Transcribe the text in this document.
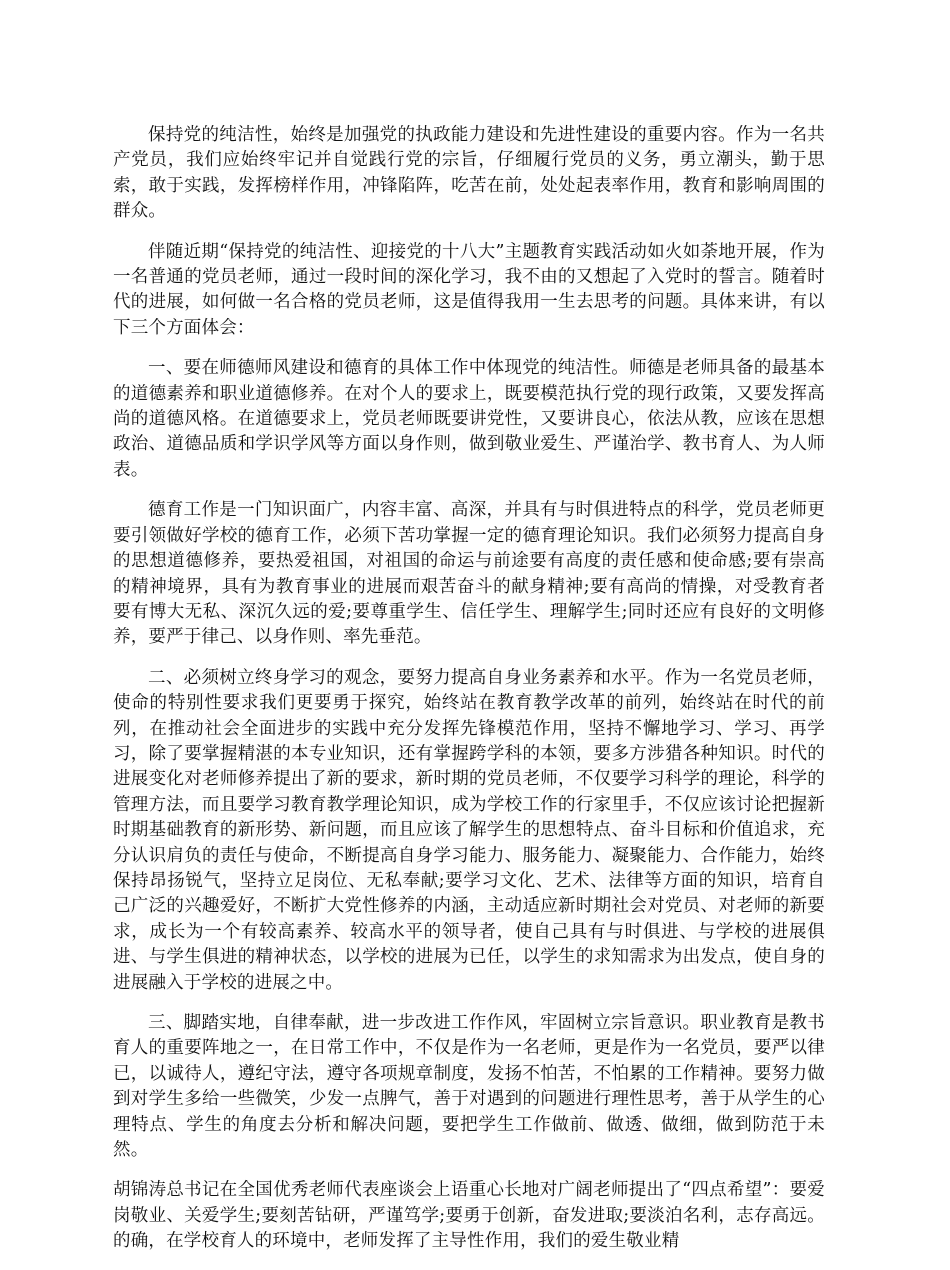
保持党的纯洁性，始终是加强党的执政能力建设和先进性建设的重要内容。作为一名共产党员，我们应始终牢记并自觉践行党的宗旨，仔细履行党员的义务，勇立潮头，勤于思索，敢于实践，发挥榜样作用，冲锋陷阵，吃苦在前，处处起表率作用，教育和影响周围的群众。

伴随近期“保持党的纯洁性、迎接党的十八大”主题教育实践活动如火如荼地开展，作为一名普通的党员老师，通过一段时间的深化学习，我不由的又想起了入党时的誓言。随着时代的进展，如何做一名合格的党员老师，这是值得我用一生去思考的问题。具体来讲，有以下三个方面体会：

一、要在师德师风建设和德育的具体工作中体现党的纯洁性。师德是老师具备的最基本的道德素养和职业道德修养。在对个人的要求上，既要模范执行党的现行政策，又要发挥高尚的道德风格。在道德要求上，党员老师既要讲党性，又要讲良心，依法从教，应该在思想政治、道德品质和学识学风等方面以身作则，做到敬业爱生、严谨治学、教书育人、为人师表。

德育工作是一门知识面广，内容丰富、高深，并具有与时俱进特点的科学，党员老师更要引领做好学校的德育工作，必须下苦功掌握一定的德育理论知识。我们必须努力提高自身的思想道德修养，要热爱祖国，对祖国的命运与前途要有高度的责任感和使命感;要有崇高的精神境界，具有为教育事业的进展而艰苦奋斗的献身精神;要有高尚的情操，对受教育者要有博大无私、深沉久远的爱;要尊重学生、信任学生、理解学生;同时还应有良好的文明修养，要严于律己、以身作则、率先垂范。

二、必须树立终身学习的观念，要努力提高自身业务素养和水平。作为一名党员老师，使命的特别性要求我们更要勇于探究，始终站在教育教学改革的前列，始终站在时代的前列，在推动社会全面进步的实践中充分发挥先锋模范作用，坚持不懈地学习、学习、再学习，除了要掌握精湛的本专业知识，还有掌握跨学科的本领，要多方涉猎各种知识。时代的进展变化对老师修养提出了新的要求，新时期的党员老师，不仅要学习科学的理论，科学的管理方法，而且要学习教育教学理论知识，成为学校工作的行家里手，不仅应该讨论把握新时期基础教育的新形势、新问题，而且应该了解学生的思想特点、奋斗目标和价值追求，充分认识肩负的责任与使命，不断提高自身学习能力、服务能力、凝聚能力、合作能力，始终保持昂扬锐气，坚持立足岗位、无私奉献;要学习文化、艺术、法律等方面的知识，培育自己广泛的兴趣爱好，不断扩大党性修养的内涵，主动适应新时期社会对党员、对老师的新要求，成长为一个有较高素养、较高水平的领导者，使自己具有与时俱进、与学校的进展俱进、与学生俱进的精神状态，以学校的进展为已任，以学生的求知需求为出发点，使自身的进展融入于学校的进展之中。

三、脚踏实地，自律奉献，进一步改进工作作风，牢固树立宗旨意识。职业教育是教书育人的重要阵地之一，在日常工作中，不仅是作为一名老师，更是作为一名党员，要严以律已，以诚待人，遵纪守法，遵守各项规章制度，发扬不怕苦，不怕累的工作精神。要努力做到对学生多给一些微笑，少发一点脾气，善于对遇到的问题进行理性思考，善于从学生的心理特点、学生的角度去分析和解决问题，要把学生工作做前、做透、做细，做到防范于未然。

胡锦涛总书记在全国优秀老师代表座谈会上语重心长地对广阔老师提出了“四点希望”：要爱岗敬业、关爱学生;要刻苦钻研，严谨笃学;要勇于创新，奋发进取;要淡泊名利，志存高远。的确，在学校育人的环境中，老师发挥了主导性作用，我们的爱生敬业精
